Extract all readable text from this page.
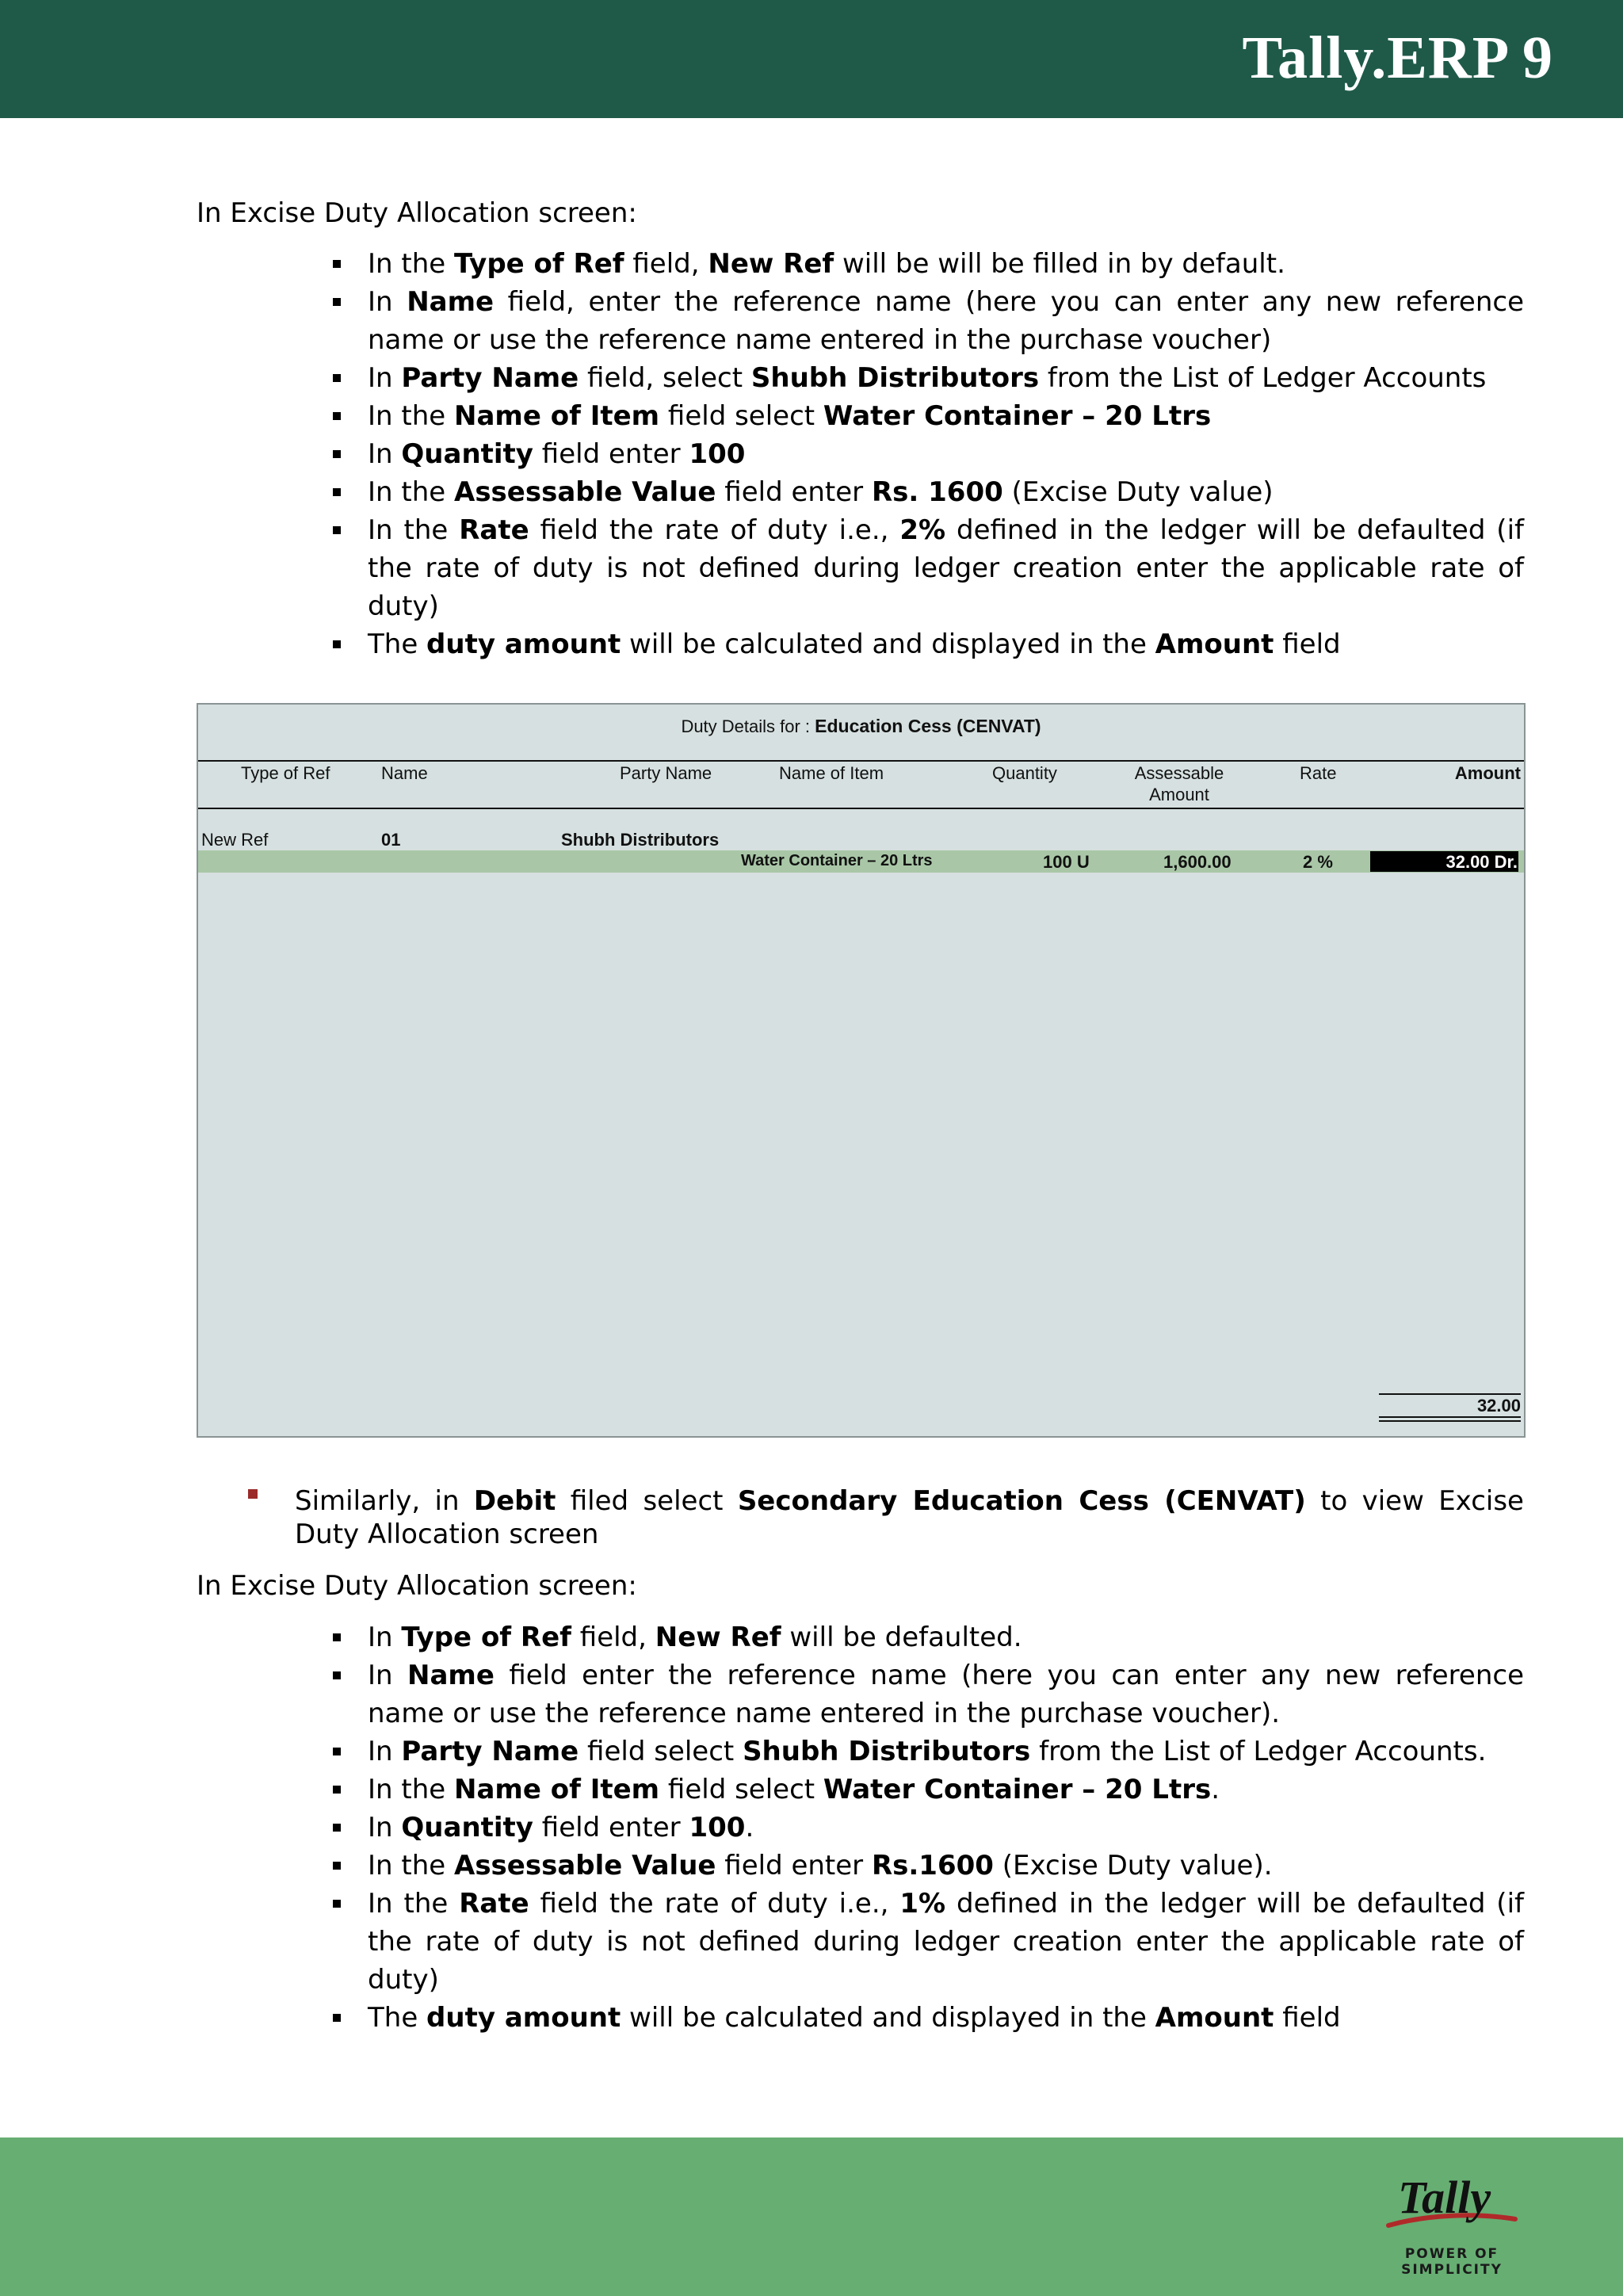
Tally.ERP 9
In Excise Duty Allocation screen:
In the Type of Ref field, New Ref will be will be filled in by default.
In Name field, enter the reference name (here you can enter any new reference name or use the reference name entered in the purchase voucher)
In Party Name field, select Shubh Distributors from the List of Ledger Accounts
In the Name of Item field select Water Container – 20 Ltrs
In Quantity field enter 100
In the Assessable Value field enter Rs. 1600 (Excise Duty value)
In the Rate field the rate of duty i.e., 2% defined in the ledger will be defaulted (if the rate of duty is not defined during ledger creation enter the applicable rate of duty)
The duty amount will be calculated and displayed in the Amount field
Duty Details for : Education Cess (CENVAT)
Type of Ref	Name	Party Name	Name of Item	Quantity	Assessable
Amount
Rate	Amount
New Ref	01	Shubh Distributors
Water Container – 20 Ltrs	100 U	1,600.00	2 %	32.00 Dr.
32.00
Similarly, in Debit filed select Secondary Education Cess (CENVAT) to view Excise Duty Allocation screen
In Excise Duty Allocation screen:
In Type of Ref field, New Ref will be defaulted.
In Name field enter the reference name (here you can enter any new reference name or use the reference name entered in the purchase voucher).
In Party Name field select Shubh Distributors from the List of Ledger Accounts.
In the Name of Item field select Water Container – 20 Ltrs.
In Quantity field enter 100.
In the Assessable Value field enter Rs.1600 (Excise Duty value).
In the Rate field the rate of duty i.e., 1% defined in the ledger will be defaulted (if the rate of duty is not defined during ledger creation enter the applicable rate of duty)
The duty amount will be calculated and displayed in the Amount field
Tally
POWER OF SIMPLICITY
